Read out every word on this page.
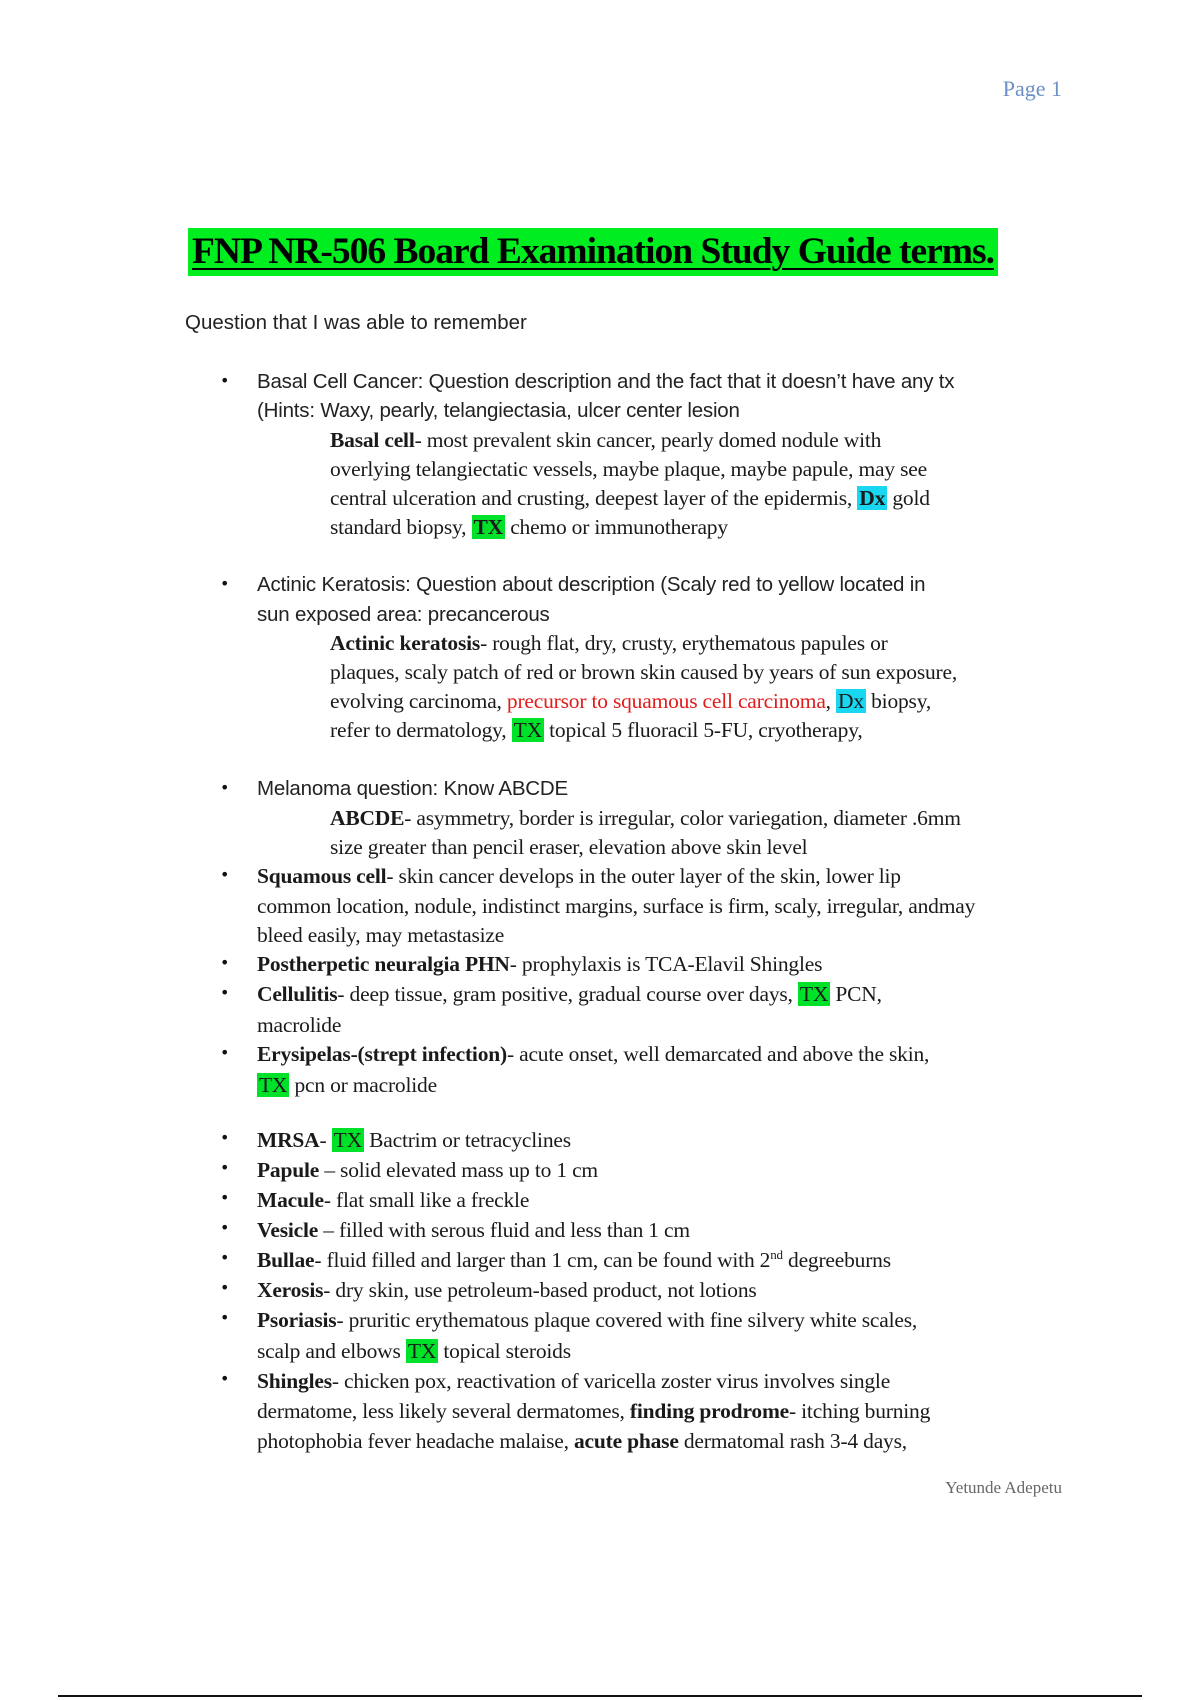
Page 1
FNP NR-506 Board Examination Study Guide terms.
Question that I was able to remember
• Basal Cell Cancer: Question description and the fact that it doesn’t have any tx
(Hints: Waxy, pearly, telangiectasia, ulcer center lesion
Basal cell- most prevalent skin cancer, pearly domed nodule with
overlying telangiectatic vessels, maybe plaque, maybe papule, may see
central ulceration and crusting, deepest layer of the epidermis, Dx gold
standard biopsy, TX chemo or immunotherapy
• Actinic Keratosis: Question about description (Scaly red to yellow located in
sun exposed area: precancerous
Actinic keratosis- rough flat, dry, crusty, erythematous papules or
plaques, scaly patch of red or brown skin caused by years of sun exposure,
evolving carcinoma, precursor to squamous cell carcinoma, Dx biopsy,
refer to dermatology, TX topical 5 fluoracil 5-FU, cryotherapy,
• Melanoma question: Know ABCDE
ABCDE- asymmetry, border is irregular, color variegation, diameter .6mm
size greater than pencil eraser, elevation above skin level
• Squamous cell- skin cancer develops in the outer layer of the skin, lower lip
common location, nodule, indistinct margins, surface is firm, scaly, irregular, andmay
bleed easily, may metastasize
• Postherpetic neuralgia PHN- prophylaxis is TCA-Elavil Shingles
• Cellulitis- deep tissue, gram positive, gradual course over days, TX PCN,
macrolide
• Erysipelas-(strept infection)- acute onset, well demarcated and above the skin,
TX pcn or macrolide
• MRSA- TX Bactrim or tetracyclines
• Papule – solid elevated mass up to 1 cm
• Macule- flat small like a freckle
• Vesicle – filled with serous fluid and less than 1 cm
• Bullae- fluid filled and larger than 1 cm, can be found with 2nd degreeburns
• Xerosis- dry skin, use petroleum-based product, not lotions
• Psoriasis- pruritic erythematous plaque covered with fine silvery white scales,
scalp and elbows TX topical steroids
• Shingles- chicken pox, reactivation of varicella zoster virus involves single
dermatome, less likely several dermatomes, finding prodrome- itching burning
photophobia fever headache malaise, acute phase dermatomal rash 3-4 days,
Yetunde Adepetu
